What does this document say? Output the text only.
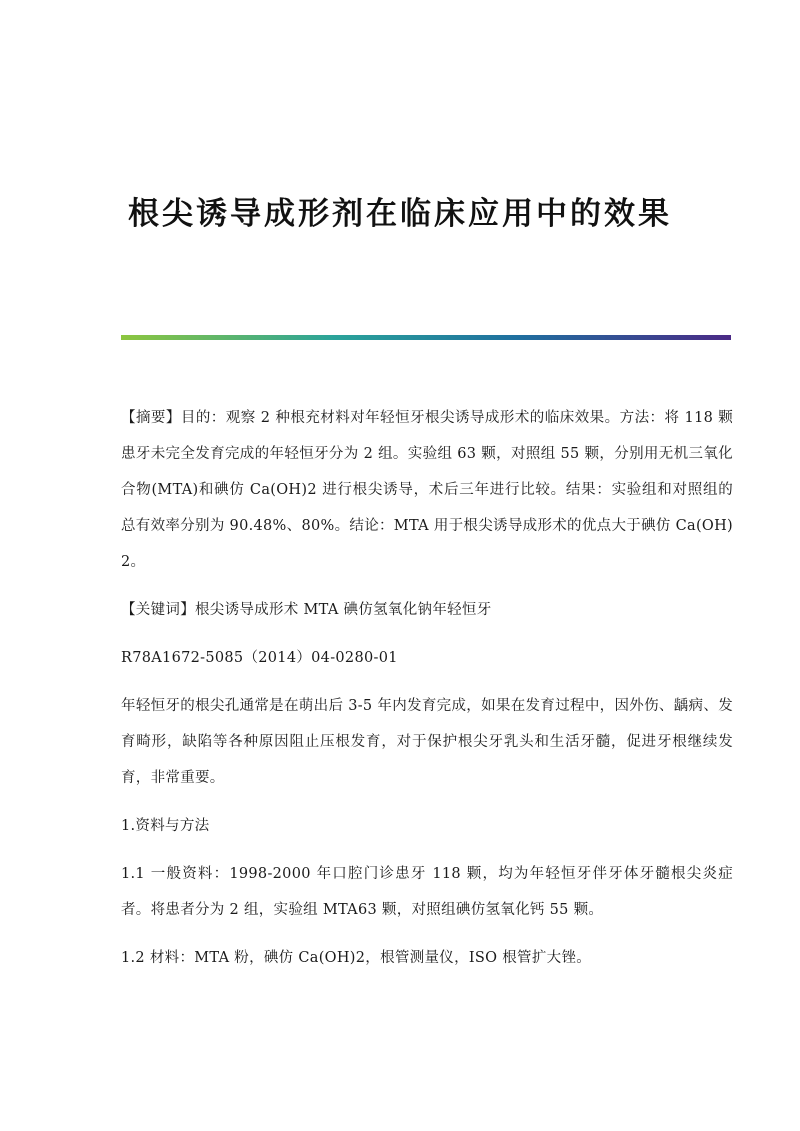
根尖诱导成形剂在临床应用中的效果

【摘要】目的：观察 2 种根充材料对年轻恒牙根尖诱导成形术的临床效果。方法：将 118 颗患牙未完全发育完成的年轻恒牙分为 2 组。实验组 63 颗，对照组 55 颗，分别用无机三氧化合物(MTA)和碘仿 Ca(OH)2 进行根尖诱导，术后三年进行比较。结果：实验组和对照组的总有效率分别为 90.48%、80%。结论：MTA 用于根尖诱导成形术的优点大于碘仿 Ca(OH)2。

【关键词】根尖诱导成形术 MTA 碘仿氢氧化钠年轻恒牙

R78A1672-5085（2014）04-0280-01

年轻恒牙的根尖孔通常是在萌出后 3-5 年内发育完成，如果在发育过程中，因外伤、龋病、发育畸形，缺陷等各种原因阻止压根发育，对于保护根尖牙乳头和生活牙髓，促进牙根继续发育，非常重要。

1.资料与方法

1.1 一般资料：1998-2000 年口腔门诊患牙 118 颗，均为年轻恒牙伴牙体牙髓根尖炎症者。将患者分为 2 组，实验组 MTA63 颗，对照组碘仿氢氧化钙 55 颗。

1.2 材料：MTA 粉，碘仿 Ca(OH)2，根管测量仪，ISO 根管扩大锉。
